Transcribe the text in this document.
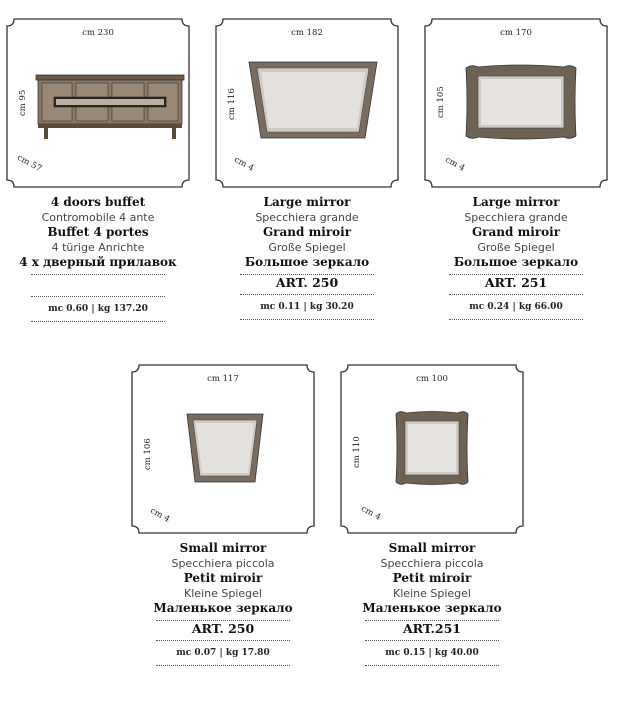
cm 230
cm 95
cm 57
4 doors buffet
Contromobile 4 ante
Buffet 4 portes
4 türige Anrichte
4 х дверный прилавок
mc 0.60 | kg 137.20
cm 182
cm 116
cm 4
Large mirror
Specchiera grande
Grand miroir
Große Spiegel
Большое зеркало
ART. 250
mc 0.11 | kg 30.20
cm 170
cm 105
cm 4
Large mirror
Specchiera grande
Grand miroir
Große Spiegel
Большое зеркало
ART. 251
mc 0.24 | kg 66.00
cm 117
cm 106
cm 4
Small mirror
Specchiera piccola
Petit miroir
Kleine Spiegel
Маленькое зеркало
ART. 250
mc 0.07 | kg 17.80
cm 100
cm 110
cm 4
Small mirror
Specchiera piccola
Petit miroir
Kleine Spiegel
Маленькое зеркало
ART.251
mc 0.15 | kg 40.00
